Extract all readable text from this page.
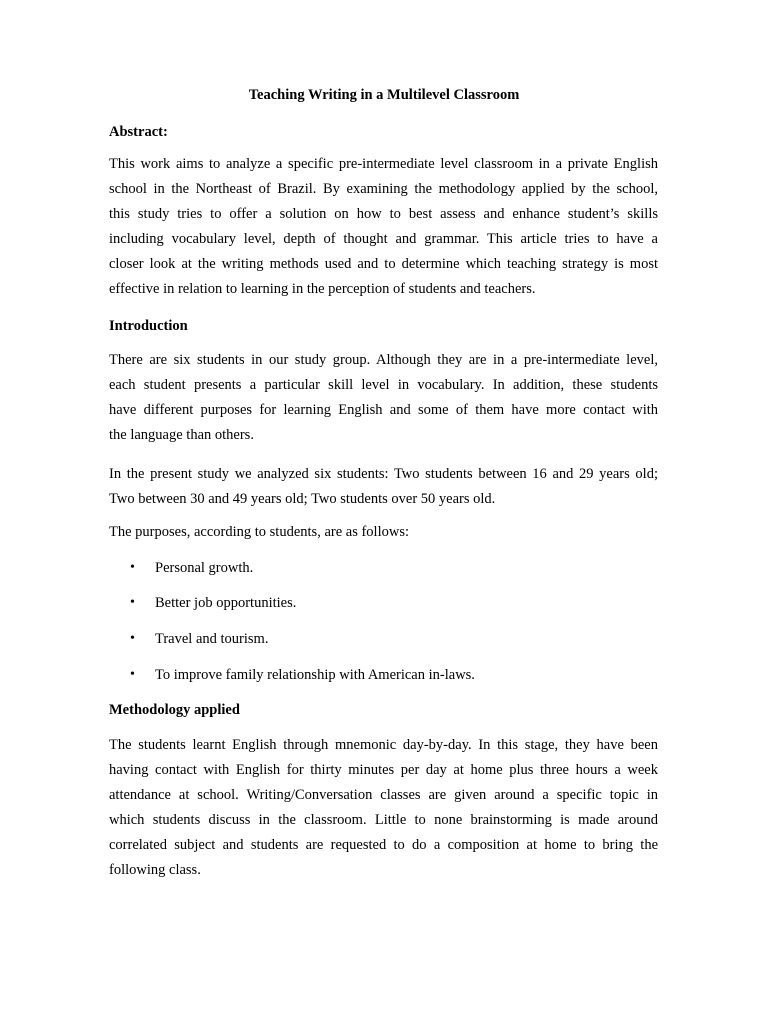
Teaching Writing in a Multilevel Classroom
Abstract:
This work aims to analyze a specific pre-intermediate level classroom in a private English
school in the Northeast of Brazil. By examining the methodology applied by the school,
this study tries to offer a solution on how to best assess and enhance student’s skills
including vocabulary level, depth of thought and grammar. This article tries to have a
closer look at the writing methods used and to determine which teaching strategy is most
effective in relation to learning in the perception of students and teachers.
Introduction
There are six students in our study group. Although they are in a pre-intermediate level,
each student presents a particular skill level in vocabulary. In addition, these students
have different purposes for learning English and some of them have more contact with
the language than others.
In the present study we analyzed six students: Two students between 16 and 29 years old;
Two between 30 and 49 years old; Two students over 50 years old.
The purposes, according to students, are as follows:
• Personal growth.
• Better job opportunities.
• Travel and tourism.
• To improve family relationship with American in-laws.
Methodology applied
The students learnt English through mnemonic day-by-day. In this stage, they have been
having contact with English for thirty minutes per day at home plus three hours a week
attendance at school. Writing/Conversation classes are given around a specific topic in
which students discuss in the classroom. Little to none brainstorming is made around
correlated subject and students are requested to do a composition at home to bring the
following class.
